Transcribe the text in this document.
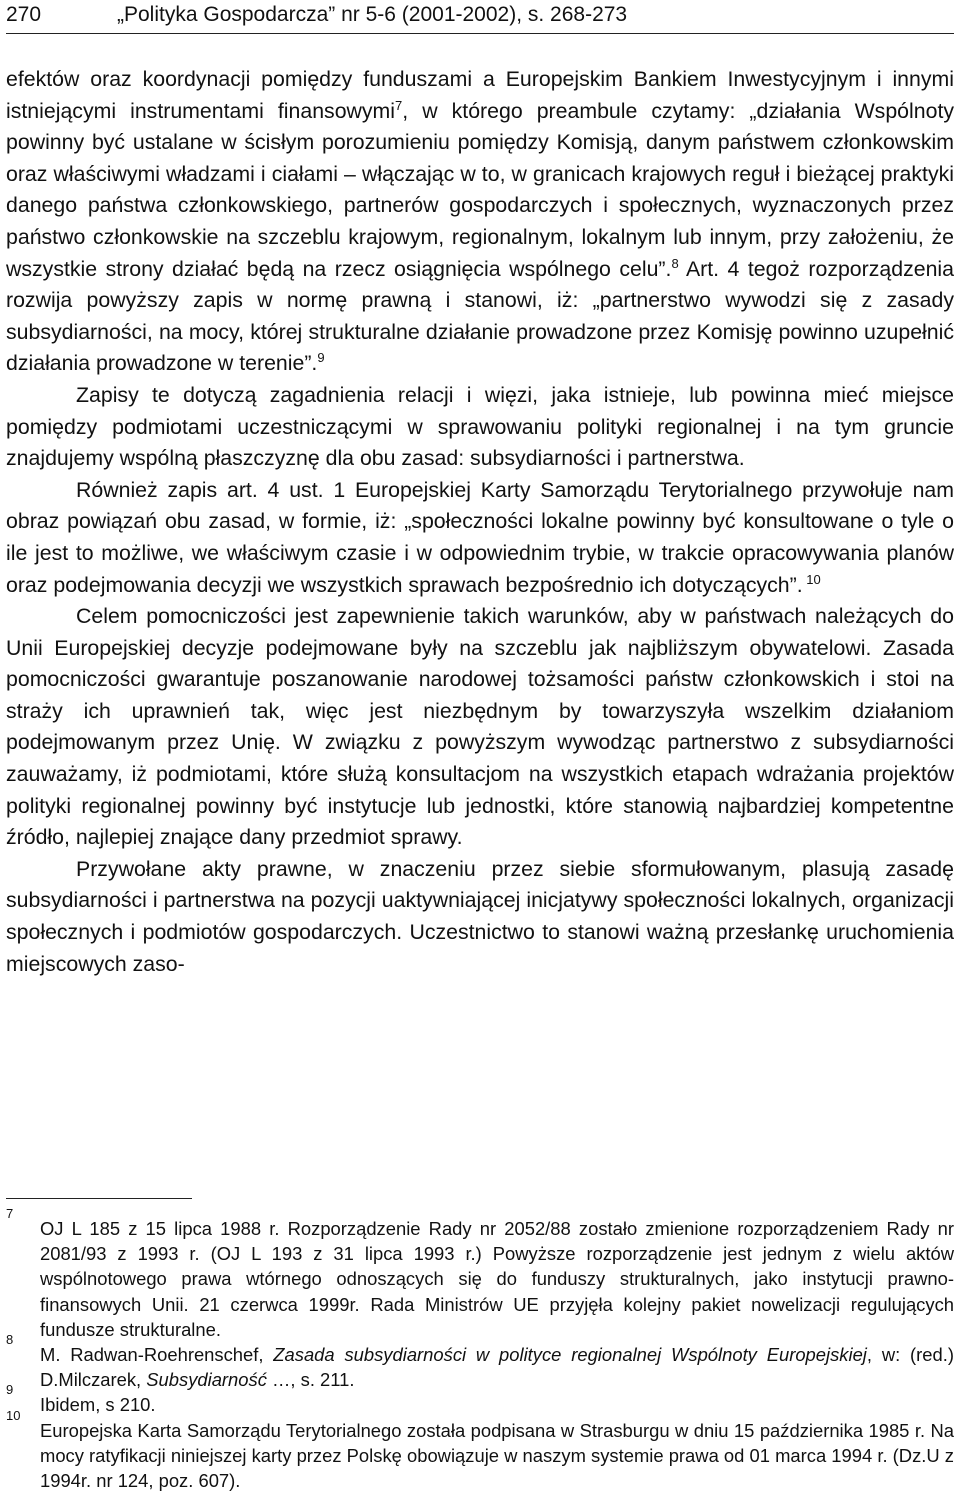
270	„Polityka Gospodarcza” nr 5-6 (2001-2002), s. 268-273

efektów oraz koordynacji pomiędzy funduszami a Europejskim Bankiem Inwestycyjnym i innymi istniejącymi instrumentami finansowymi$^7$, w którego preambule czytamy: „działania Wspólnoty powinny być ustalane w ścisłym porozumieniu pomiędzy Komisją, danym państwem członkowskim oraz właściwymi władzami i ciałami – włączając w to, w granicach krajowych reguł i bieżącej praktyki danego państwa członkowskiego, partnerów gospodarczych i społecznych, wyznaczonych przez państwo członkowskie na szczeblu krajowym, regionalnym, lokalnym lub innym, przy założeniu, że wszystkie strony działać będą na rzecz osiągnięcia wspólnego celu”.$^8$ Art. 4 tegoż rozporządzenia rozwija powyższy zapis w normę prawną i stanowi, iż: „partnerstwo wywodzi się z zasady subsydiarności, na mocy, której strukturalne działanie prowadzone przez Komisję powinno uzupełnić działania prowadzone w terenie”.$^9$

Zapisy te dotyczą zagadnienia relacji i więzi, jaka istnieje, lub powinna mieć miejsce pomiędzy podmiotami uczestniczącymi w sprawowaniu polityki regionalnej i na tym gruncie znajdujemy wspólną płaszczyznę dla obu zasad: subsydiarności i partnerstwa.

Również zapis art. 4 ust. 1 Europejskiej Karty Samorządu Terytorialnego przywołuje nam obraz powiązań obu zasad, w formie, iż: „społeczności lokalne powinny być konsultowane o tyle o ile jest to możliwe, we właściwym czasie i w odpowiednim trybie, w trakcie opracowywania planów oraz podejmowania decyzji we wszystkich sprawach bezpośrednio ich dotyczących”. $^{10}$

Celem pomocniczości jest zapewnienie takich warunków, aby w państwach należących do Unii Europejskiej decyzje podejmowane były na szczeblu jak najbliższym obywatelowi. Zasada pomocniczości gwarantuje poszanowanie narodowej tożsamości państw członkowskich i stoi na straży ich uprawnień tak, więc jest niezbędnym by towarzyszyła wszelkim działaniom podejmowanym przez Unię. W związku z powyższym wywodząc partnerstwo z subsydiarności zauważamy, iż podmiotami, które służą konsultacjom na wszystkich etapach wdrażania projektów polityki regionalnej powinny być instytucje lub jednostki, które stanowią najbardziej kompetentne źródło, najlepiej znające dany przedmiot sprawy.

Przywołane akty prawne, w znaczeniu przez siebie sformułowanym, plasują zasadę subsydiarności i partnerstwa na pozycji uaktywniającej inicjatywy społeczności lokalnych, organizacji społecznych i podmiotów gospodarczych. Uczestnictwo to stanowi ważną przesłankę uruchomienia miejscowych zaso-

7
OJ L 185 z 15 lipca 1988 r. Rozporządzenie Rady nr 2052/88 zostało zmienione rozporządzeniem Rady nr 2081/93 z 1993 r. (OJ L 193 z 31 lipca 1993 r.) Powyższe rozporządzenie jest jednym z wielu aktów wspólnotowego prawa wtórnego odnoszących się do funduszy strukturalnych, jako instytucji prawno-finansowych Unii. 21 czerwca 1999r. Rada Ministrów UE przyjęła kolejny pakiet nowelizacji regulujących fundusze strukturalne.

8
M. Radwan-Roehrenschef, Zasada subsydiarności w polityce regionalnej Wspólnoty Europejskiej, w: (red.) D.Milczarek, Subsydiarność …, s. 211.

9
Ibidem, s 210.

10
Europejska Karta Samorządu Terytorialnego została podpisana w Strasburgu w dniu 15 października 1985 r. Na mocy ratyfikacji niniejszej karty przez Polskę obowiązuje w naszym systemie prawa od 01 marca 1994 r. (Dz.U z 1994r. nr 124, poz. 607).
